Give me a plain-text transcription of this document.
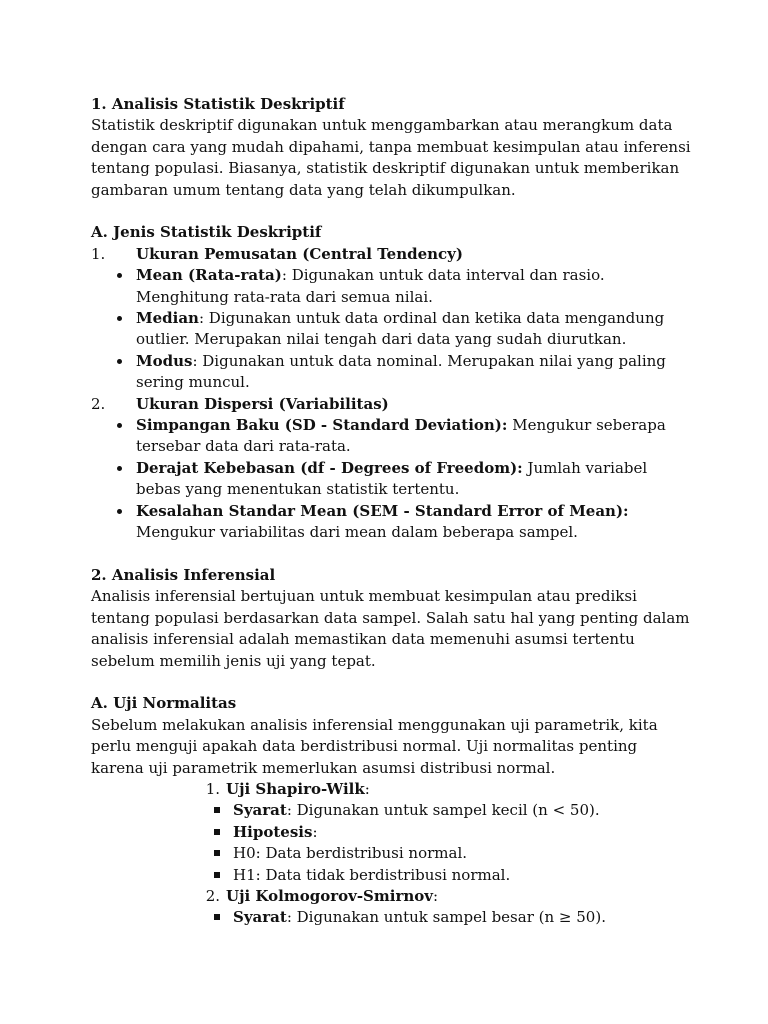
1. Analisis Statistik Deskriptif

Statistik deskriptif digunakan untuk menggambarkan atau merangkum data dengan cara yang mudah dipahami, tanpa membuat kesimpulan atau inferensi tentang populasi. Biasanya, statistik deskriptif digunakan untuk memberikan gambaran umum tentang data yang telah dikumpulkan.

A. Jenis Statistik Deskriptif
1.	Ukuran Pemusatan (Central Tendency)
Mean (Rata-rata): Digunakan untuk data interval dan rasio. Menghitung rata-rata dari semua nilai.
Median: Digunakan untuk data ordinal dan ketika data mengandung outlier. Merupakan nilai tengah dari data yang sudah diurutkan.
Modus: Digunakan untuk data nominal. Merupakan nilai yang paling sering muncul.
2.	Ukuran Dispersi (Variabilitas)
Simpangan Baku (SD - Standard Deviation): Mengukur seberapa tersebar data dari rata-rata.
Derajat Kebebasan (df - Degrees of Freedom): Jumlah variabel bebas yang menentukan statistik tertentu.
Kesalahan Standar Mean (SEM - Standard Error of Mean): Mengukur variabilitas dari mean dalam beberapa sampel.
2. Analisis Inferensial

Analisis inferensial bertujuan untuk membuat kesimpulan atau prediksi tentang populasi berdasarkan data sampel. Salah satu hal yang penting dalam analisis inferensial adalah memastikan data memenuhi asumsi tertentu sebelum memilih jenis uji yang tepat.

A. Uji Normalitas

Sebelum melakukan analisis inferensial menggunakan uji parametrik, kita perlu menguji apakah data berdistribusi normal. Uji normalitas penting karena uji parametrik memerlukan asumsi distribusi normal.

1. Uji Shapiro-Wilk:
Syarat: Digunakan untuk sampel kecil (n < 50).
Hipotesis:
H0: Data berdistribusi normal.
H1: Data tidak berdistribusi normal.
2. Uji Kolmogorov-Smirnov:
Syarat: Digunakan untuk sampel besar (n ≥ 50).
